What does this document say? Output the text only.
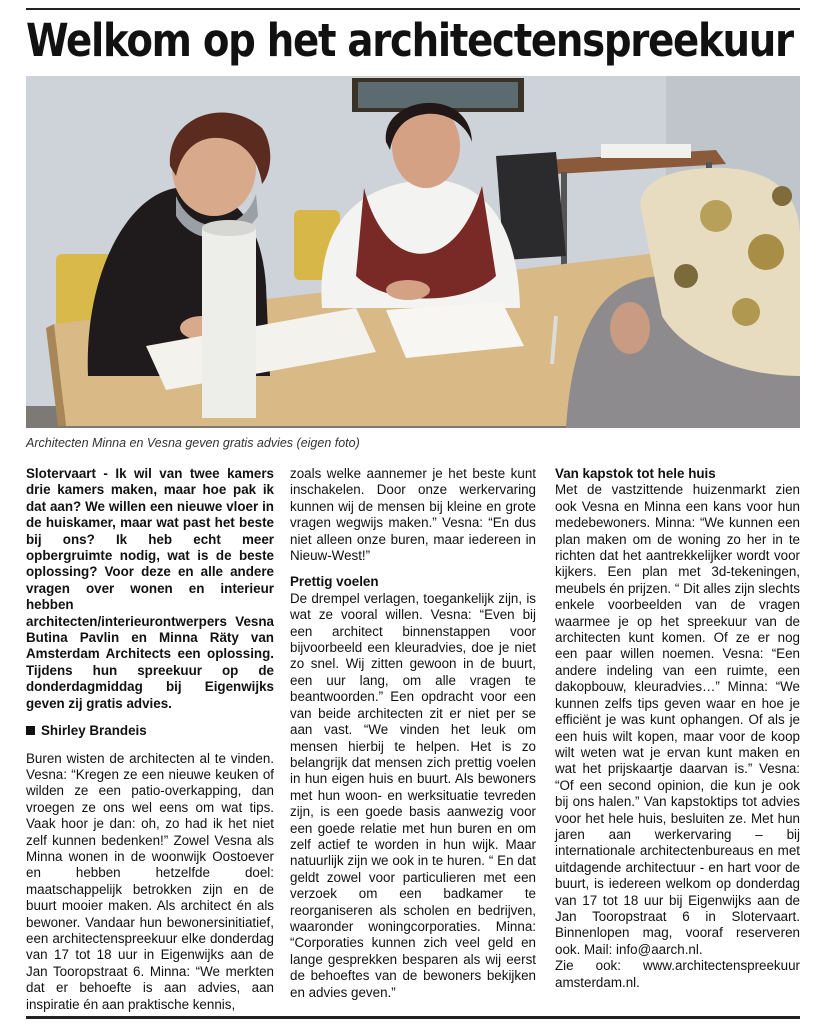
Welkom op het architectenspreekuur

Architecten Minna en Vesna geven gratis advies (eigen foto)

Slotervaart - Ik wil van twee kamers drie kamers maken, maar hoe pak ik dat aan? We willen een nieuwe vloer in de huiskamer, maar wat past het beste bij ons? Ik heb echt meer opbergruimte nodig, wat is de beste oplossing? Voor deze en alle andere vragen over wonen en interieur hebben architecten/interieurontwerpers Vesna Butina Pavlin en Minna Räty van Amsterdam Architects een oplossing. Tijdens hun spreekuur op de donderdagmiddag bij Eigenwijks geven zij gratis advies.

Shirley Brandeis

Buren wisten de architecten al te vinden. Vesna: “Kregen ze een nieuwe keuken of wilden ze een patio-overkapping, dan vroegen ze ons wel eens om wat tips. Vaak hoor je dan: oh, zo had ik het niet zelf kunnen bedenken!” Zowel Vesna als Minna wonen in de woonwijk Oostoever en hebben hetzelfde doel: maatschappelijk betrokken zijn en de buurt mooier maken. Als architect én als bewoner. Vandaar hun bewonersinitiatief, een architectenspreekuur elke donderdag van 17 tot 18 uur in Eigenwijks aan de Jan Tooropstraat 6. Minna: “We merkten dat er behoefte is aan advies, aan inspiratie én aan praktische kennis,

zoals welke aannemer je het beste kunt inschakelen. Door onze werkervaring kunnen wij de mensen bij kleine en grote vragen wegwijs maken.” Vesna: “En dus niet alleen onze buren, maar iedereen in Nieuw-West!”

Prettig voelen

De drempel verlagen, toegankelijk zijn, is wat ze vooral willen. Vesna: “Even bij een architect binnenstappen voor bijvoorbeeld een kleuradvies, doe je niet zo snel. Wij zitten gewoon in de buurt, een uur lang, om alle vragen te beantwoorden.” Een opdracht voor een van beide architecten zit er niet per se aan vast. “We vinden het leuk om mensen hierbij te helpen. Het is zo belangrijk dat mensen zich prettig voelen in hun eigen huis en buurt. Als bewoners met hun woon- en werksituatie tevreden zijn, is een goede basis aanwezig voor een goede relatie met hun buren en om zelf actief te worden in hun wijk. Maar natuurlijk zijn we ook in te huren. “ En dat geldt zowel voor particulieren met een verzoek om een badkamer te reorganiseren als scholen en bedrijven, waaronder woningcorporaties. Minna: “Corporaties kunnen zich veel geld en lange gesprekken besparen als wij eerst de behoeftes van de bewoners bekijken en advies geven.”

Van kapstok tot hele huis

Met de vastzittende huizenmarkt zien ook Vesna en Minna een kans voor hun medebewoners. Minna: “We kunnen een plan maken om de woning zo her in te richten dat het aantrekkelijker wordt voor kijkers. Een plan met 3d-tekeningen, meubels én prijzen. “ Dit alles zijn slechts enkele voorbeelden van de vragen waarmee je op het spreekuur van de architecten kunt komen. Of ze er nog een paar willen noemen. Vesna: “Een andere indeling van een ruimte, een dakopbouw, kleuradvies…” Minna: “We kunnen zelfs tips geven waar en hoe je efficiënt je was kunt ophangen. Of als je een huis wilt kopen, maar voor de koop wilt weten wat je ervan kunt maken en wat het prijskaartje daarvan is.” Vesna: “Of een second opinion, die kun je ook bij ons halen.” Van kapstoktips tot advies voor het hele huis, besluiten ze. Met hun jaren aan werkervaring – bij internationale architectenbureaus en met uitdagende architectuur - en hart voor de buurt, is iedereen welkom op donderdag van 17 tot 18 uur bij Eigenwijks aan de Jan Tooropstraat 6 in Slotervaart. Binnenlopen mag, vooraf reserveren ook. Mail: info@aarch.nl.

Zie ook: www.architectenspreekuur amsterdam.nl.
